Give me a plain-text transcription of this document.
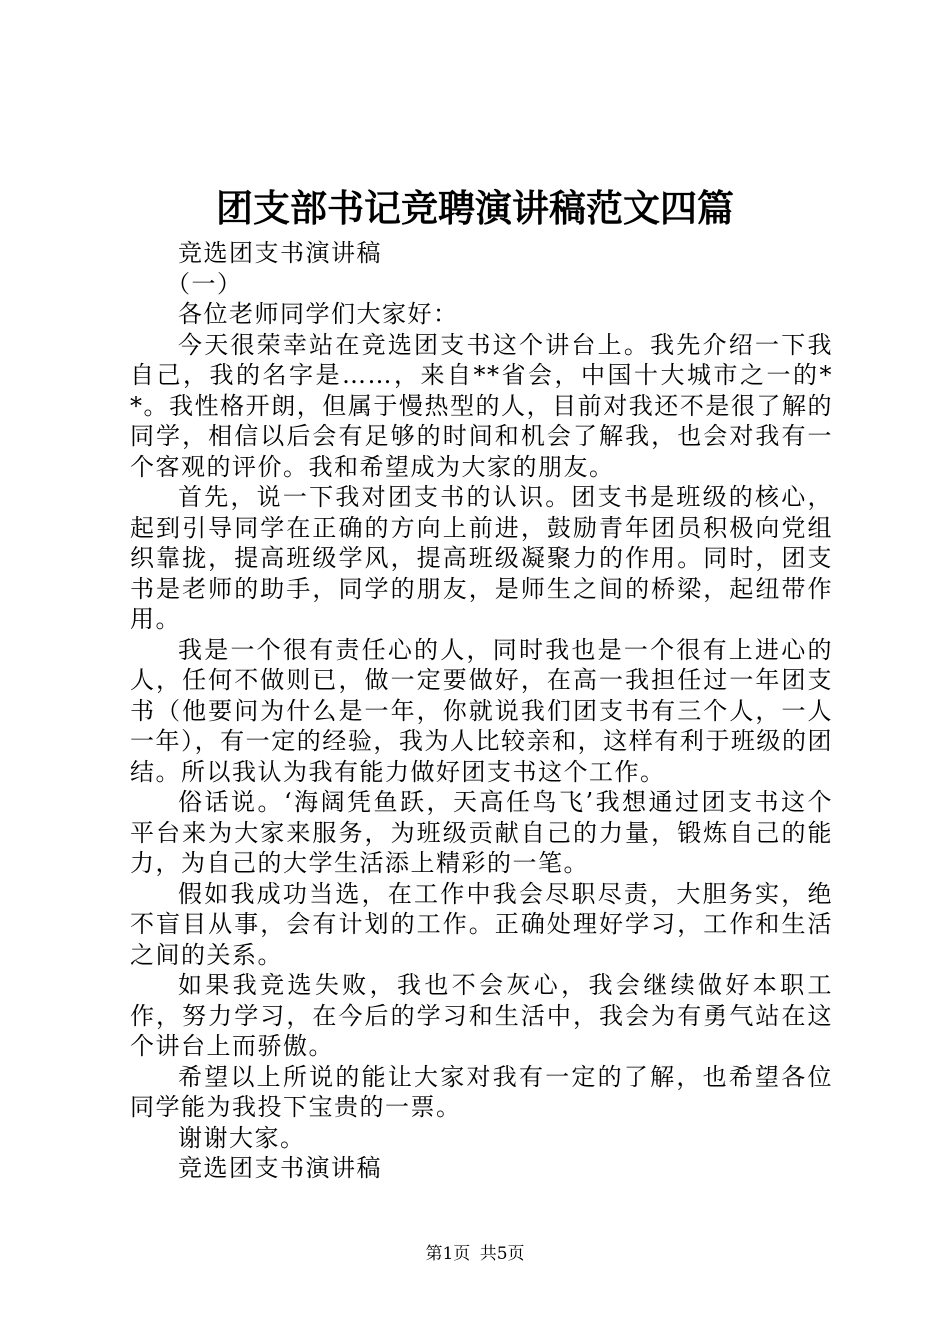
团支部书记竞聘演讲稿范文四篇

竞选团支书演讲稿

（一）

各位老师同学们大家好：

今天很荣幸站在竞选团支书这个讲台上。我先介绍一下我自己，我的名字是……，来自**省会，中国十大城市之一的**。我性格开朗，但属于慢热型的人，目前对我还不是很了解的同学，相信以后会有足够的时间和机会了解我，也会对我有一个客观的评价。我和希望成为大家的朋友。

首先，说一下我对团支书的认识。团支书是班级的核心，起到引导同学在正确的方向上前进，鼓励青年团员积极向党组织靠拢，提高班级学风，提高班级凝聚力的作用。同时，团支书是老师的助手，同学的朋友，是师生之间的桥梁，起纽带作用。

我是一个很有责任心的人，同时我也是一个很有上进心的人，任何不做则已，做一定要做好，在高一我担任过一年团支书（他要问为什么是一年，你就说我们团支书有三个人，一人一年），有一定的经验，我为人比较亲和，这样有利于班级的团结。所以我认为我有能力做好团支书这个工作。

俗话说。‘海阔凭鱼跃，天高任鸟飞’我想通过团支书这个平台来为大家来服务，为班级贡献自己的力量，锻炼自己的能力，为自己的大学生活添上精彩的一笔。

假如我成功当选，在工作中我会尽职尽责，大胆务实，绝不盲目从事，会有计划的工作。正确处理好学习，工作和生活之间的关系。

如果我竞选失败，我也不会灰心，我会继续做好本职工作，努力学习，在今后的学习和生活中，我会为有勇气站在这个讲台上而骄傲。

希望以上所说的能让大家对我有一定的了解，也希望各位同学能为我投下宝贵的一票。

谢谢大家。

竞选团支书演讲稿

第1页 共5页
